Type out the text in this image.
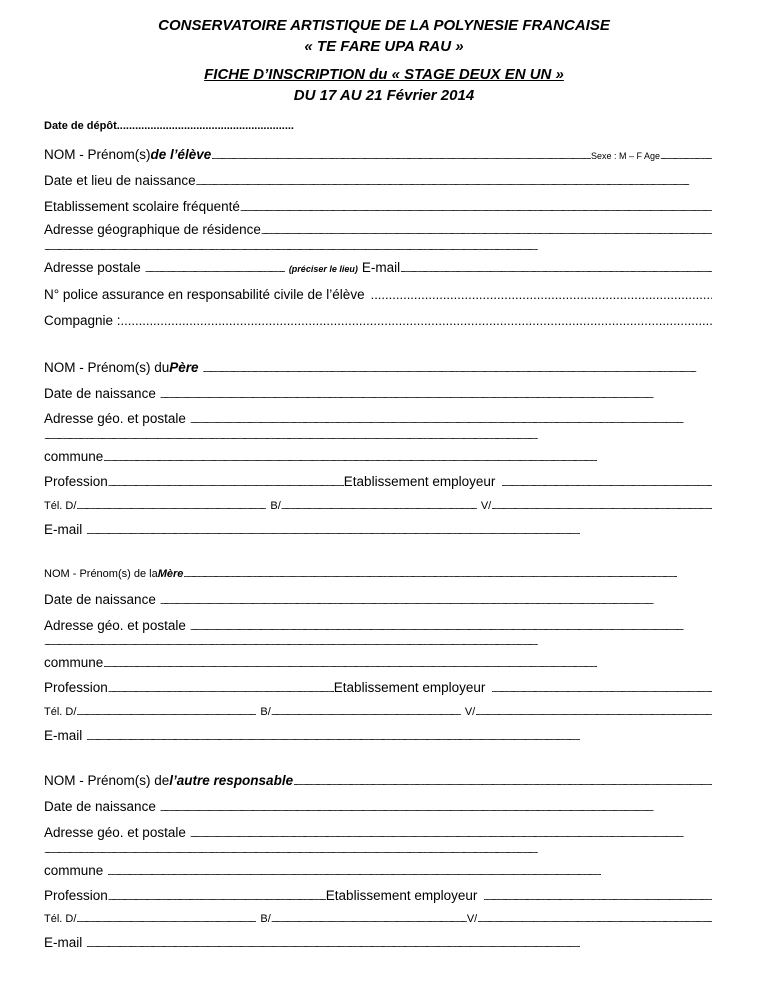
CONSERVATOIRE ARTISTIQUE DE LA POLYNESIE FRANCAISE
« TE FARE UPA RAU »
FICHE D’INSCRIPTION du « STAGE DEUX EN UN »
DU 17 AU 21 Février 2014
Date de dépôt
.....
NOM - Prénom(s) de l’élève .....	Sexe : M – F Age
.....
Date et lieu de naissance
.....
Etablissement scolaire fréquenté
.....
Adresse géographique de résidence
.....
.....
Adresse postale .....	(préciser le lieu) E-mail
.....
N° police assurance en responsabilité civile de l’élève
.....
Compagnie :
.....
NOM - Prénom(s) du Père
.....
Date de naissance
.....
Adresse géo. et postale
.....
.....
commune
.....
Profession .....	Etablissement employeur
.....
Tél. D/ .....	B/ .....	V/
.....
E-mail
.....
NOM - Prénom(s) de la Mère
.....
Date de naissance
.....
Adresse géo. et postale
.....
.....
commune
.....
Profession .....	Etablissement employeur
.....
Tél. D/ .....	B/ .....	V/
.....
E-mail
.....
NOM - Prénom(s) de l’autre responsable
.....
Date de naissance
.....
Adresse géo. et postale
.....
.....
commune
.....
Profession .....	Etablissement employeur
.....
Tél. D/ .....	B/ .....	V/
.....
E-mail
.....
